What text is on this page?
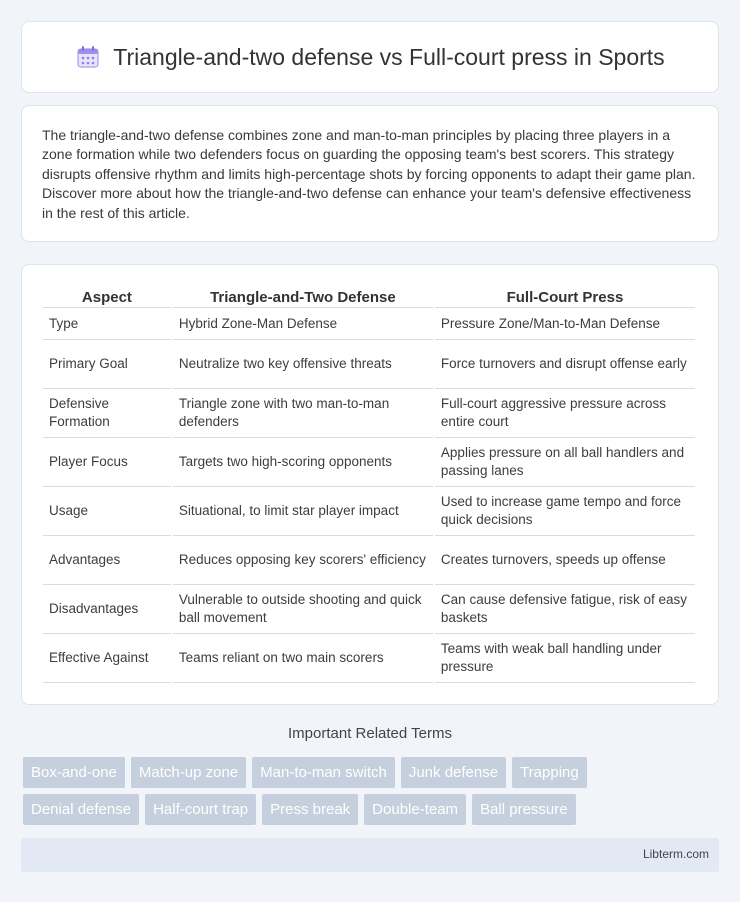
Triangle-and-two defense vs Full-court press in Sports

The triangle-and-two defense combines zone and man-to-man principles by placing three players in a zone formation while two defenders focus on guarding the opposing team's best scorers. This strategy disrupts offensive rhythm and limits high-percentage shots by forcing opponents to adapt their game plan. Discover more about how the triangle-and-two defense can enhance your team's defensive effectiveness in the rest of this article.

Aspect	Triangle-and-Two Defense	Full-Court Press
Type	Hybrid Zone-Man Defense	Pressure Zone/Man-to-Man Defense
Primary Goal	Neutralize two key offensive threats	Force turnovers and disrupt offense early
Defensive Formation	Triangle zone with two man-to-man defenders	Full-court aggressive pressure across entire court
Player Focus	Targets two high-scoring opponents	Applies pressure on all ball handlers and passing lanes
Usage	Situational, to limit star player impact	Used to increase game tempo and force quick decisions
Advantages	Reduces opposing key scorers' efficiency	Creates turnovers, speeds up offense
Disadvantages	Vulnerable to outside shooting and quick ball movement	Can cause defensive fatigue, risk of easy baskets
Effective Against	Teams reliant on two main scorers	Teams with weak ball handling under pressure
Important Related Terms
Box-and-one	Match-up zone	Man-to-man switch	Junk defense	Trapping
Denial defense	Half-court trap	Press break	Double-team	Ball pressure
Libterm.com
